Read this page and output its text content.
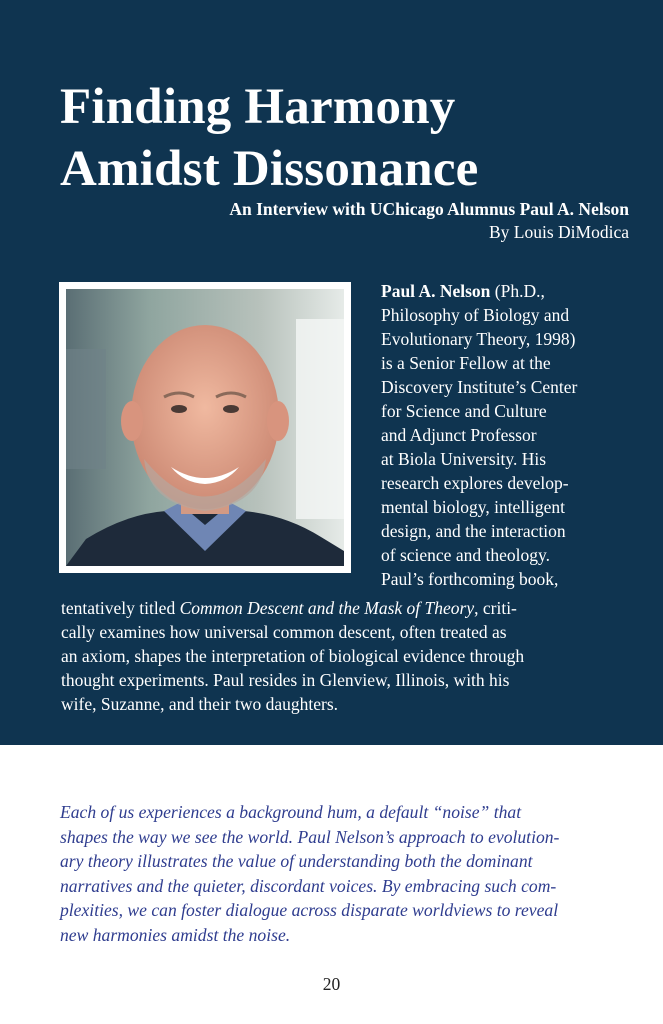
Finding Harmony
Amidst Dissonance

An Interview with UChicago Alumnus Paul A. Nelson

By Louis DiModica

Paul A. Nelson (Ph.D.,
Philosophy of Biology and
Evolutionary Theory, 1998)
is a Senior Fellow at the
Discovery Institute’s Center
for Science and Culture
and Adjunct Professor
at Biola University. His
research explores develop-
mental biology, intelligent
design, and the interaction
of science and theology.
Paul’s forthcoming book,
tentatively titled Common Descent and the Mask of Theory, criti-
cally examines how universal common descent, often treated as
an axiom, shapes the interpretation of biological evidence through
thought experiments. Paul resides in Glenview, Illinois, with his
wife, Suzanne, and their two daughters.

Each of us experiences a background hum, a default “noise” that
shapes the way we see the world. Paul Nelson’s approach to evolution-
ary theory illustrates the value of understanding both the dominant
narratives and the quieter, discordant voices. By embracing such com-
plexities, we can foster dialogue across disparate worldviews to reveal
new harmonies amidst the noise.

20
